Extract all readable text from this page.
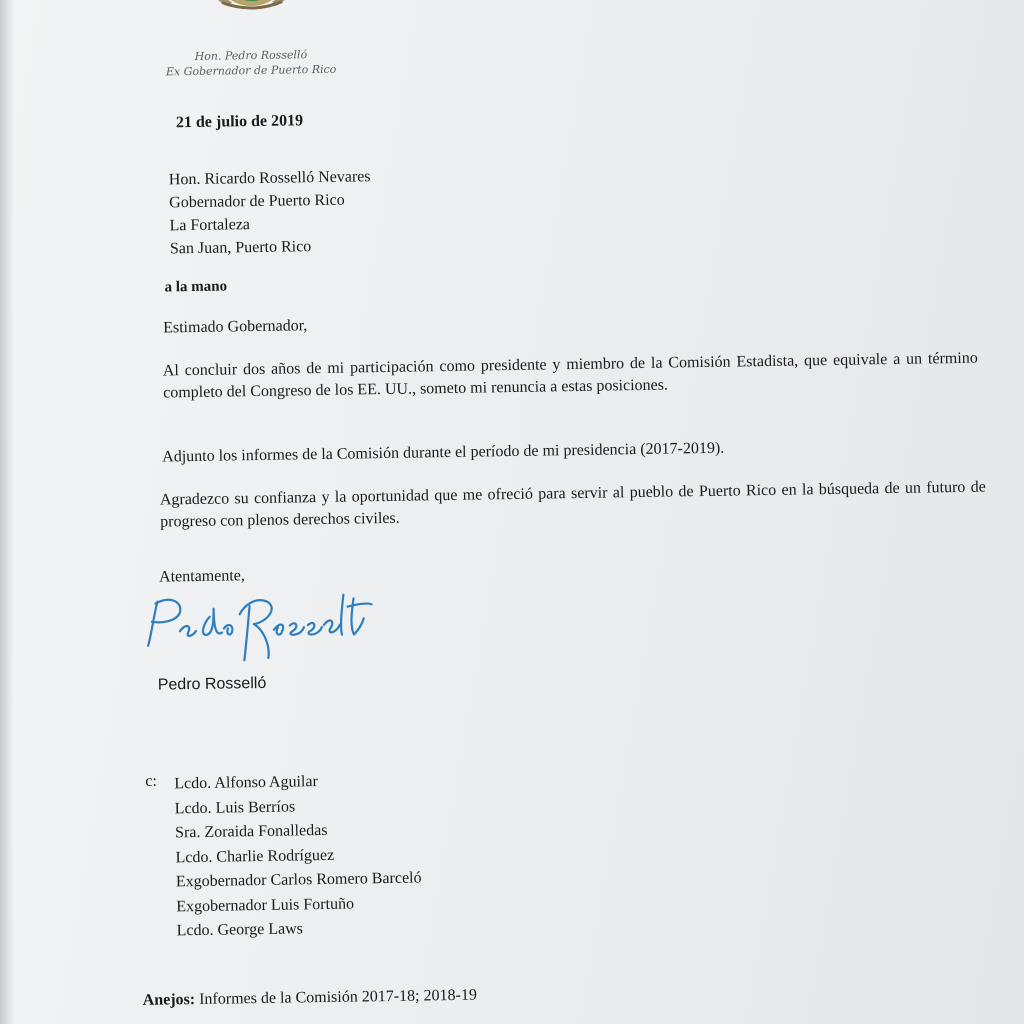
Hon. Pedro Rosselló
Ex Gobernador de Puerto Rico
21 de julio de 2019
Hon. Ricardo Rosselló Nevares
Gobernador de Puerto Rico
La Fortaleza
San Juan, Puerto Rico
a la mano
Estimado Gobernador,
Al concluir dos años de mi participación como presidente y miembro de la Comisión Estadista, que equivale a un término completo del Congreso de los EE. UU., someto mi renuncia a estas posiciones.
Adjunto los informes de la Comisión durante el período de mi presidencia (2017-2019).
Agradezco su confianza y la oportunidad que me ofreció para servir al pueblo de Puerto Rico en la búsqueda de un futuro de progreso con plenos derechos civiles.
Atentamente,
Pedro Rosselló
c: Lcdo. Alfonso Aguilar
Lcdo. Luis Berríos
Sra. Zoraida Fonalledas
Lcdo. Charlie Rodríguez
Exgobernador Carlos Romero Barceló
Exgobernador Luis Fortuño
Lcdo. George Laws
Anejos: Informes de la Comisión 2017-18; 2018-19
